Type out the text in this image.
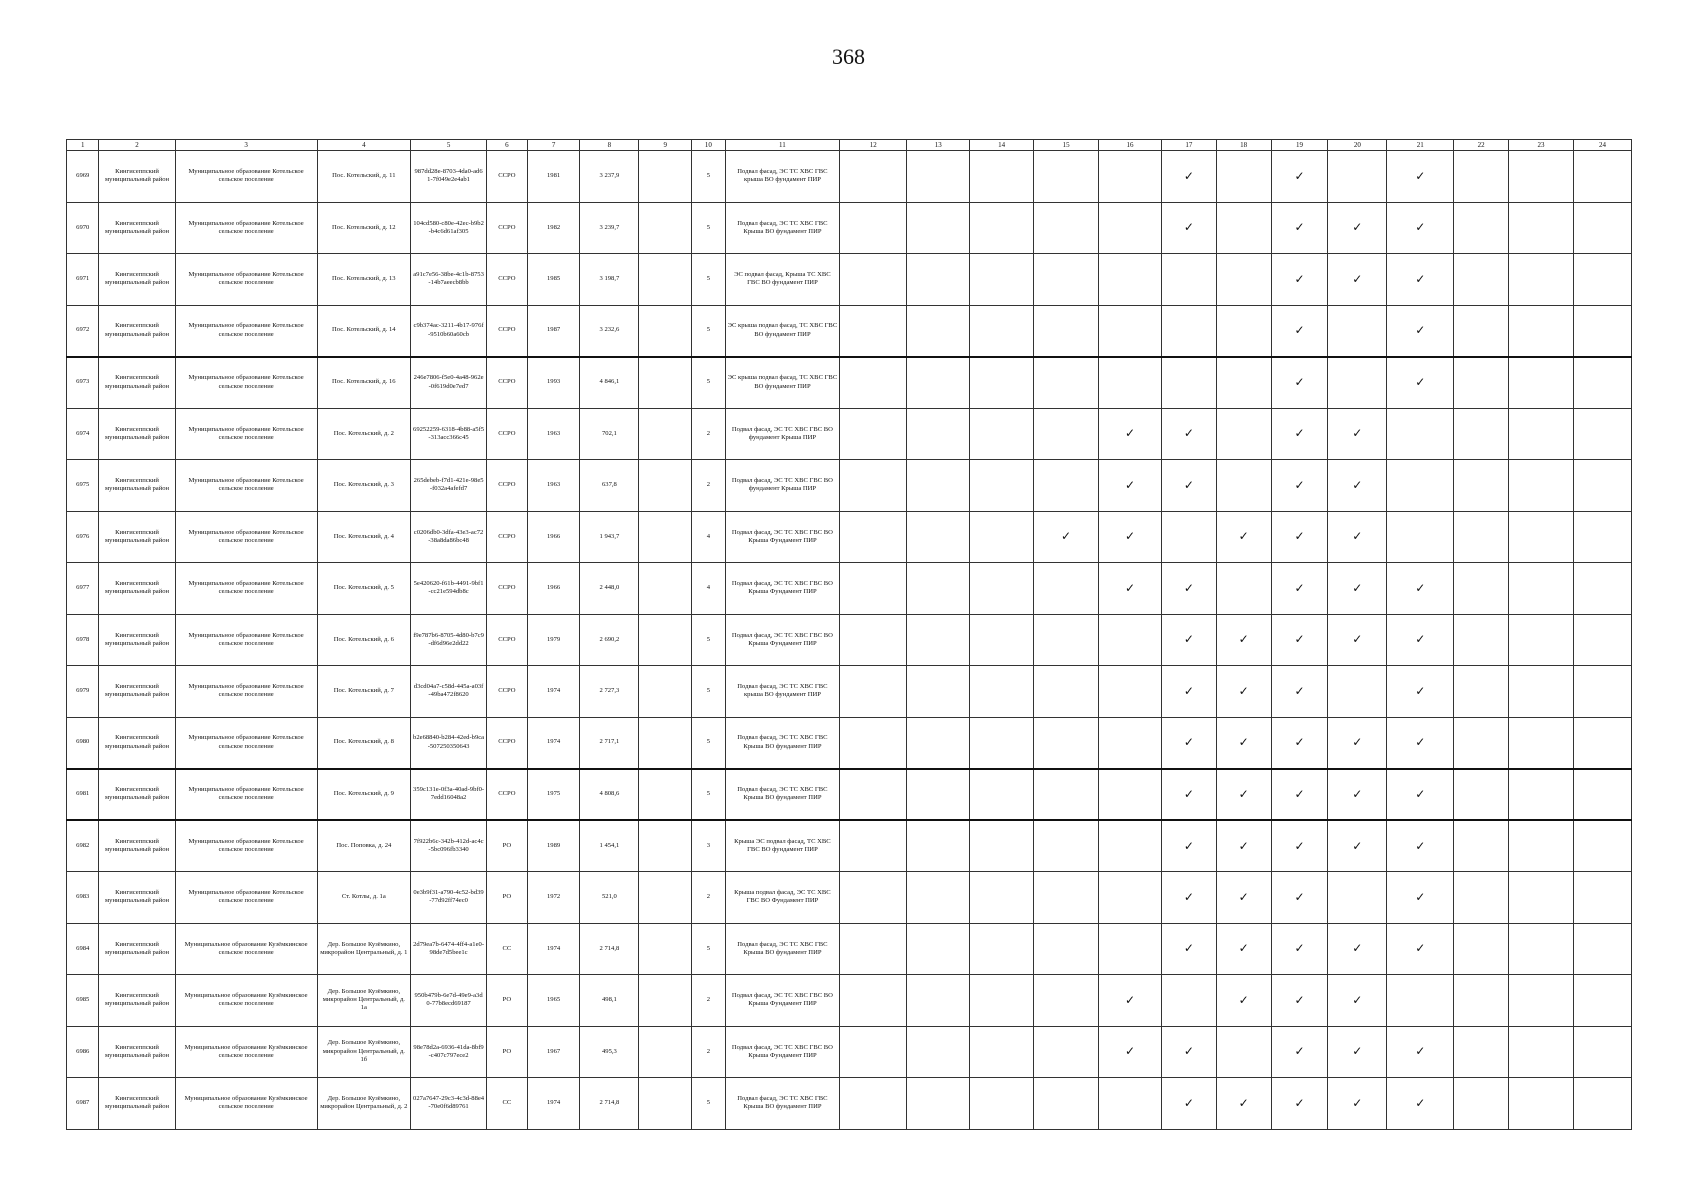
368
1	2	3	4	5	6	7	8	9	10	11	12	13	14	15	16	17	18	19	20	21	22	23	24
6969	Кингисеппский муниципальный район	Муниципальное образование Котельское сельское поселение	Пос. Котельский, д. 11	987dd28e-8703-4da0-ad61-7f049e2e4ab1	ССРО	1981	3 237,9		5	Подвал фасад, ЭС ТС ХВС ГВС крыша ВО фундамент ПИР						✓		✓		✓			
6970	Кингисеппский муниципальный район	Муниципальное образование Котельское сельское поселение	Пос. Котельский, д. 12	104cd580-c80e-42ec-b9b2-b4c6d61af305	ССРО	1982	3 239,7		5	Подвал фасад, ЭС ТС ХВС ГВС Крыша ВО фундамент ПИР						✓		✓	✓	✓			
6971	Кингисеппский муниципальный район	Муниципальное образование Котельское сельское поселение	Пос. Котельский, д. 13	a91c7e56-38be-4c1b-8753-14b7aeecb8bb	ССРО	1985	3 198,7		5	ЭС подвал фасад, Крыша ТС ХВС ГВС ВО фундамент ПИР								✓	✓	✓			
6972	Кингисеппский муниципальный район	Муниципальное образование Котельское сельское поселение	Пос. Котельский, д. 14	c9b374ac-3211-4b17-976f-9510b60a60cb	ССРО	1987	3 232,6		5	ЭС крыша подвал фасад, ТС ХВС ГВС ВО фундамент ПИР								✓		✓			
6973	Кингисеппский муниципальный район	Муниципальное образование Котельское сельское поселение	Пос. Котельский, д. 16	246e7806-f5e0-4a48-962e-0f619d0e7ed7	ССРО	1993	4 846,1		5	ЭС крыша подвал фасад, ТС ХВС ГВС ВО фундамент ПИР								✓		✓			
6974	Кингисеппский муниципальный район	Муниципальное образование Котельское сельское поселение	Пос. Котельский, д. 2	69252259-6318-4b88-a5f5-313acc366c45	ССРО	1963	702,1		2	Подвал фасад, ЭС ТС ХВС ГВС ВО фундамент Крыша ПИР					✓	✓		✓	✓				
6975	Кингисеппский муниципальный район	Муниципальное образование Котельское сельское поселение	Пос. Котельский, д. 3	265debeb-f7d1-421e-98e5-f032a4afefd7	ССРО	1963	637,8		2	Подвал фасад, ЭС ТС ХВС ГВС ВО фундамент Крыша ПИР					✓	✓		✓	✓				
6976	Кингисеппский муниципальный район	Муниципальное образование Котельское сельское поселение	Пос. Котельский, д. 4	c0206db0-3dfa-43e3-ac72-38a8da86bc48	ССРО	1966	1 943,7		4	Подвал фасад, ЭС ТС ХВС ГВС ВО Крыша Фундамент ПИР				✓	✓		✓	✓	✓				
6977	Кингисеппский муниципальный район	Муниципальное образование Котельское сельское поселение	Пос. Котельский, д. 5	5e420620-f61b-4491-9bf1-cc21e594db8c	ССРО	1966	2 448,0		4	Подвал фасад, ЭС ТС ХВС ГВС ВО Крыша Фундамент ПИР					✓	✓		✓	✓	✓			
6978	Кингисеппский муниципальный район	Муниципальное образование Котельское сельское поселение	Пос. Котельский, д. 6	f9e787b6-8705-4d80-b7c9-df6d96e2dd22	ССРО	1979	2 690,2		5	Подвал фасад, ЭС ТС ХВС ГВС ВО Крыша Фундамент ПИР						✓	✓	✓	✓	✓			
6979	Кингисеппский муниципальный район	Муниципальное образование Котельское сельское поселение	Пос. Котельский, д. 7	d3cd04a7-c58d-445a-a03f-49ba472f8620	ССРО	1974	2 727,3		5	Подвал фасад, ЭС ТС ХВС ГВС крыша ВО фундамент ПИР						✓	✓	✓		✓			
6980	Кингисеппский муниципальный район	Муниципальное образование Котельское сельское поселение	Пос. Котельский, д. 8	b2e68840-b284-42ed-b9ca-507250350643	ССРО	1974	2 717,1		5	Подвал фасад, ЭС ТС ХВС ГВС Крыша ВО фундамент ПИР						✓	✓	✓	✓	✓			
6981	Кингисеппский муниципальный район	Муниципальное образование Котельское сельское поселение	Пос. Котельский, д. 9	359c131e-0f3a-40ad-9bf0-7edd16048a2	ССРО	1975	4 808,6		5	Подвал фасад, ЭС ТС ХВС ГВС Крыша ВО фундамент ПИР						✓	✓	✓	✓	✓			
6982	Кингисеппский муниципальный район	Муниципальное образование Котельское сельское поселение	Пос. Поповка, д. 24	7f922b6c-342b-412d-ac4c-5bc096fb3340	РО	1989	1 454,1		3	Крыша ЭС подвал фасад, ТС ХВС ГВС ВО фундамент ПИР						✓	✓	✓	✓	✓			
6983	Кингисеппский муниципальный район	Муниципальное образование Котельское сельское поселение	Ст. Котлы, д. 1а	0e3b9f31-a790-4c52-bd39-77d92ff74ec0	РО	1972	521,0		2	Крыша подвал фасад, ЭС ТС ХВС ГВС ВО Фундамент ПИР						✓	✓	✓		✓			
6984	Кингисеппский муниципальный район	Муниципальное образование Кузёмкинское сельское поселение	Дер. Большое Кузёмкино, микрорайон Центральный, д. 1	2d79ea7b-6474-4ff4-a1e0-98de7d5bee1c	СС	1974	2 714,8		5	Подвал фасад, ЭС ТС ХВС ГВС Крыша ВО фундамент ПИР						✓	✓	✓	✓	✓			
6985	Кингисеппский муниципальный район	Муниципальное образование Кузёмкинское сельское поселение	Дер. Большое Кузёмкино, микрорайон Центральный, д. 1а	950b479b-6e7d-49e9-a3d0-77b8ecd69187	РО	1965	498,1		2	Подвал фасад, ЭС ТС ХВС ГВС ВО Крыша Фундамент ПИР					✓		✓	✓	✓				
6986	Кингисеппский муниципальный район	Муниципальное образование Кузёмкинское сельское поселение	Дер. Большое Кузёмкино, микрорайон Центральный, д. 1б	98e78d2a-6936-41da-8bf9-c407c797ece2	РО	1967	495,3		2	Подвал фасад, ЭС ТС ХВС ГВС ВО Крыша Фундамент ПИР					✓	✓		✓	✓	✓			
6987	Кингисеппский муниципальный район	Муниципальное образование Кузёмкинское сельское поселение	Дер. Большое Кузёмкино, микрорайон Центральный, д. 2	027a7647-29c3-4c3d-88e4-70e0f6d89761	СС	1974	2 714,8		5	Подвал фасад, ЭС ТС ХВС ГВС Крыша ВО фундамент ПИР						✓	✓	✓	✓	✓			
